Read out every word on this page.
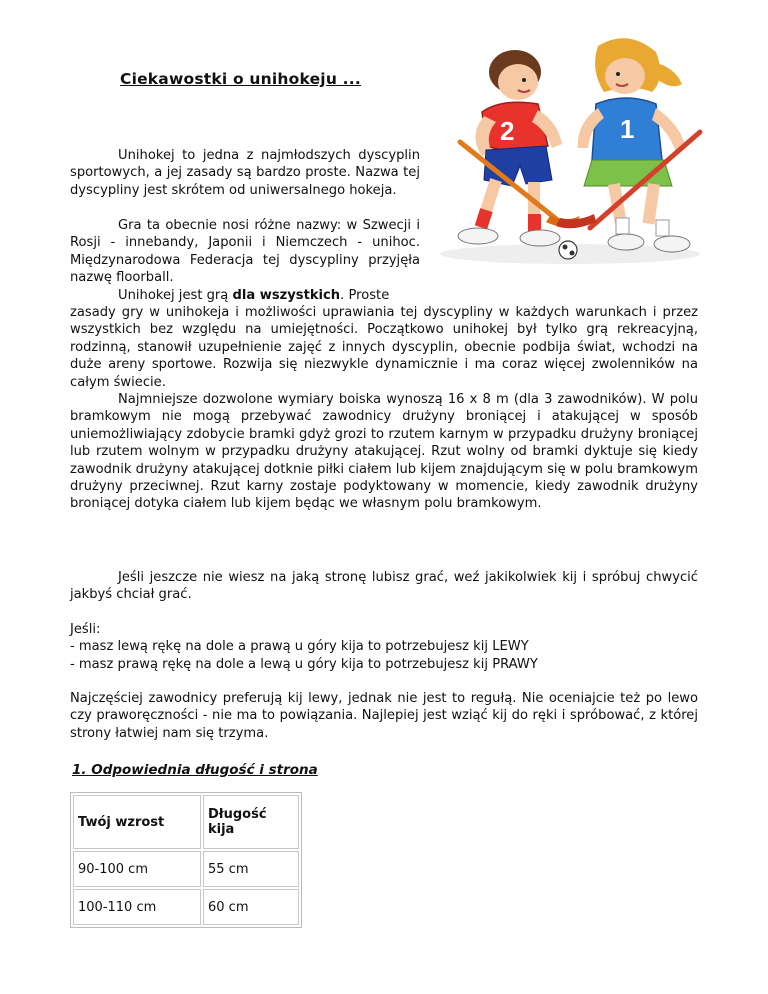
Ciekawostki o unihokeju ...
2	1

Unihokej to jedna z najmłodszych dyscyplin sportowych, a jej zasady są bardzo proste. Nazwa tej dyscypliny jest skrótem od uniwersalnego hokeja.

Gra ta obecnie nosi różne nazwy: w Szwecji i Rosji - innebandy, Japonii i Niemczech - unihoc. Międzynarodowa Federacja tej dyscypliny przyjęła nazwę floorball.

Unihokej jest grą dla wszystkich. Proste

zasady gry w unihokeja i możliwości uprawiania tej dyscypliny w każdych warunkach i przez wszystkich bez względu na umiejętności. Początkowo unihokej był tylko grą rekreacyjną, rodzinną, stanowił uzupełnienie zajęć z innych dyscyplin, obecnie podbija świat, wchodzi na duże areny sportowe. Rozwija się niezwykle dynamicznie i ma coraz więcej zwolenników na całym świecie.

Najmniejsze dozwolone wymiary boiska wynoszą 16 x 8 m (dla 3 zawodników). W polu bramkowym nie mogą przebywać zawodnicy drużyny broniącej i atakującej w sposób uniemożliwiający zdobycie bramki gdyż grozi to rzutem karnym w przypadku drużyny broniącej lub rzutem wolnym w przypadku drużyny atakującej. Rzut wolny od bramki dyktuje się kiedy zawodnik drużyny atakującej dotknie piłki ciałem lub kijem znajdującym się w polu bramkowym drużyny przeciwnej. Rzut karny zostaje podyktowany w momencie, kiedy zawodnik drużyny broniącej dotyka ciałem lub kijem będąc we własnym polu bramkowym.

Jeśli jeszcze nie wiesz na jaką stronę lubisz grać, weź jakikolwiek kij i spróbuj chwycić jakbyś chciał grać.

Jeśli:
- masz lewą rękę na dole a prawą u góry kija to potrzebujesz kij LEWY
- masz prawą rękę na dole a lewą u góry kija to potrzebujesz kij PRAWY

Najczęściej zawodnicy preferują kij lewy, jednak nie jest to regułą. Nie oceniajcie też po lewo czy praworęczności - nie ma to powiązania. Najlepiej jest wziąć kij do ręki i spróbować, z której strony łatwiej nam się trzyma.

1. Odpowiednia długość i strona
Twój wzrost	Długość kija
90-100 cm	55 cm
100-110 cm	60 cm
